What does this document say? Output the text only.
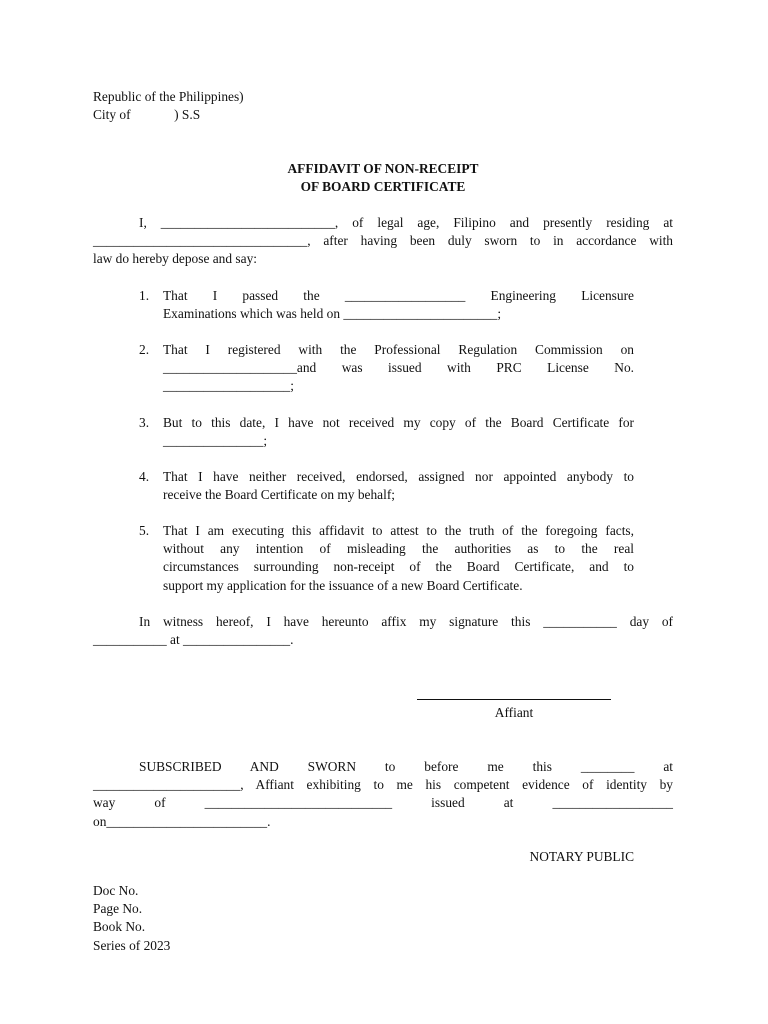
Republic of the Philippines)
City of             ) S.S
AFFIDAVIT OF NON-RECEIPT
OF BOARD CERTIFICATE
I, __________________________, of legal age, Filipino and presently residing at
________________________________, after having been duly sworn to in accordance with
law do hereby depose and say:
1. That I passed the __________________ Engineering Licensure
Examinations which was held on _______________________;
2. That I registered with the Professional Regulation Commission on
____________________and was issued with PRC License No.
___________________;
3. But to this date, I have not received my copy of the Board Certificate for
_______________;
4. That I have neither received, endorsed, assigned nor appointed anybody to
receive the Board Certificate on my behalf;
5. That I am executing this affidavit to attest to the truth of the foregoing facts,
without any intention of misleading the authorities as to the real
circumstances surrounding non-receipt of the Board Certificate, and to
support my application for the issuance of a new Board Certificate.
In witness hereof, I have hereunto affix my signature this ___________ day of
___________ at ________________.
Affiant
SUBSCRIBED AND SWORN to before me this ________ at
______________________, Affiant exhibiting to me his competent evidence of identity by
way of ____________________________ issued at __________________
on________________________.
NOTARY PUBLIC
Doc No.
Page No.
Book No.
Series of 2023
